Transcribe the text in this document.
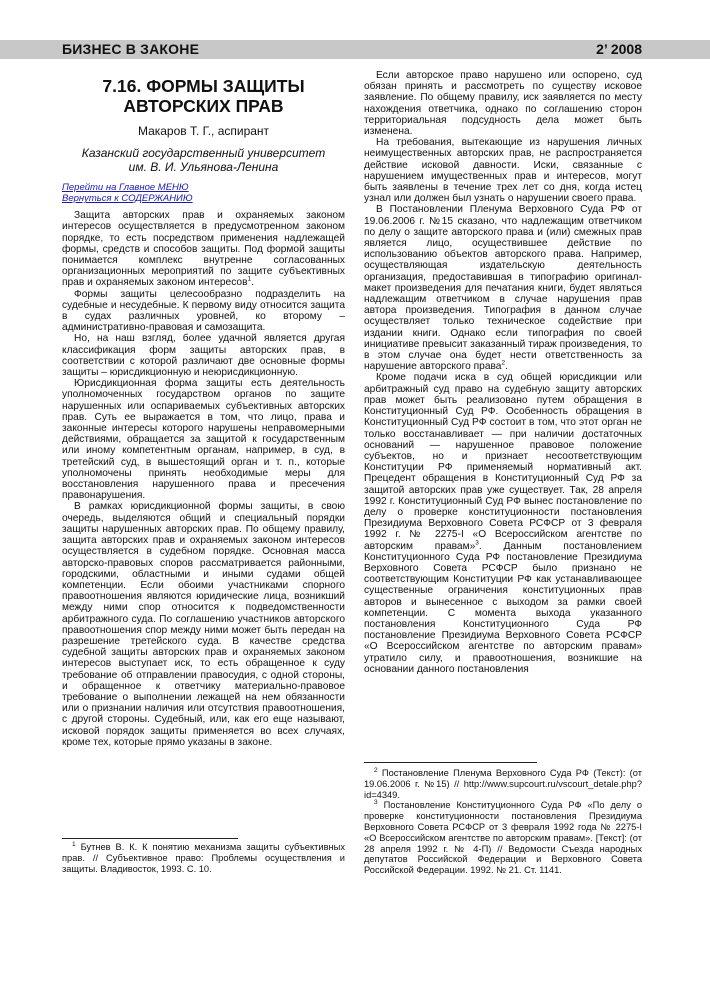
БИЗНЕС В ЗАКОНЕ	2’ 2008
7.16. ФОРМЫ ЗАЩИТЫ
АВТОРСКИХ ПРАВ
Макаров Т. Г., аспирант
Казанский государственный университет
им. В. И. Ульянова-Ленина
Перейти на Главное МЕНЮ
Вернуться к СОДЕРЖАНИЮ

Защита авторских прав и охраняемых законом интересов осуществляется в предусмотренном законом порядке, то есть посредством применения надлежащей формы, средств и способов защиты. Под формой защиты понимается комплекс внутренне согласованных организационных мероприятий по защите субъективных прав и охраняемых законом интересов$^1$.

Формы защиты целесообразно подразделить на судебные и несудебные. К первому виду относится защита в судах различных уровней, ко второму – административно-правовая и самозащита.

Но, на наш взгляд, более удачной является другая классификация форм защиты авторских прав, в соответствии с которой различают две основные формы защиты – юрисдикционную и неюрисдикционную.

Юрисдикционная форма защиты есть деятельность уполномоченных государством органов по защите нарушенных или оспариваемых субъективных авторских прав. Суть ее выражается в том, что лицо, права и законные интересы которого нарушены неправомерными действиями, обращается за защитой к государственным или иному компетентным органам, например, в суд, в третейский суд, в вышестоящий орган и т. п., которые уполномочены принять необходимые меры для восстановления нарушенного права и пресечения правонарушения.

В рамках юрисдикционной формы защиты, в свою очередь, выделяются общий и специальный порядки защиты нарушенных авторских прав. По общему правилу, защита авторских прав и охраняемых законом интересов осуществляется в судебном порядке. Основная масса авторско-правовых споров рассматривается районными, городскими, областными и иными судами общей компетенции. Если обоими участниками спорного правоотношения являются юридические лица, возникший между ними спор относится к подведомственности арбитражного суда. По соглашению участников авторского правоотношения спор между ними может быть передан на разрешение третейского суда. В качестве средства судебной защиты авторских прав и охраняемых законом интересов выступает иск, то есть обращенное к суду требование об отправлении правосудия, с одной стороны, и обращенное к ответчику материально-правовое требование о выполнении лежащей на нем обязанности или о признании наличия или отсутствия правоотношения, с другой стороны. Судебный, или, как его еще называют, исковой порядок защиты применяется во всех случаях, кроме тех, которые прямо указаны в законе.

Если авторское право нарушено или оспорено, суд обязан принять и рассмотреть по существу исковое заявление. По общему правилу, иск заявляется по месту нахождения ответчика, однако по соглашению сторон территориальная подсудность дела может быть изменена.

На требования, вытекающие из нарушения личных неимущественных авторских прав, не распространяется действие исковой давности. Иски, связанные с нарушением имущественных прав и интересов, могут быть заявлены в течение трех лет со дня, когда истец узнал или должен был узнать о нарушении своего права.

В Постановлении Пленума Верховного Суда РФ от 19.06.2006 г. №15 сказано, что надлежащим ответчиком по делу о защите авторского права и (или) смежных прав является лицо, осуществившее действие по использованию объектов авторского права. Например, осуществляющая издательскую деятельность организация, предоставившая в типографию оригинал-макет произведения для печатания книги, будет являться надлежащим ответчиком в случае нарушения прав автора произведения. Типография в данном случае осуществляет только техническое содействие при издании книги. Однако если типография по своей инициативе превысит заказанный тираж произведения, то в этом случае она будет нести ответственность за нарушение авторского права$^2$.

Кроме подачи иска в суд общей юрисдикции или арбитражный суд право на судебную защиту авторских прав может быть реализовано путем обращения в Конституционный Суд РФ. Особенность обращения в Конституционный Суд РФ состоит в том, что этот орган не только восстанавливает — при наличии достаточных оснований — нарушенное правовое положение субъектов, но и признает несоответствующим Конституции РФ применяемый нормативный акт. Прецедент обращения в Конституционный Суд РФ за защитой авторских прав уже существует. Так, 28 апреля 1992 г. Конституционный Суд РФ вынес постановление по делу о проверке конституционности постановления Президиума Верховного Совета РСФСР от 3 февраля 1992 г. № 2275-I «О Всероссийском агентстве по авторским правам»$^3$. Данным постановлением Конституционного Суда РФ постановление Президиума Верховного Совета РСФСР было признано не соответствующим Конституции РФ как устанавливающее существенные ограничения конституционных прав авторов и вынесенное с выходом за рамки своей компетенции. С момента выхода указанного постановления Конституционного Суда РФ постановление Президиума Верховного Совета РСФСР «О Всероссийском агентстве по авторским правам» утратило силу, и правоотношения, возникшие на основании данного постановления

$^1$ Бутнев В. К. К понятию механизма защиты субъективных прав. // Субъективное право: Проблемы осуществления и защиты. Владивосток, 1993. С. 10.

$^2$ Постановление Пленума Верховного Суда РФ (Текст): (от 19.06.2006 г. №15) // http://www.supcourt.ru/vscourt_detale.php?id=4349.

$^3$ Постановление Конституционного Суда РФ «По делу о проверке конституционности постановления Президиума Верховного Совета РСФСР от 3 февраля 1992 года № 2275-I «О Всероссийском агентстве по авторским правам». [Текст]: (от 28 апреля 1992 г. № 4-П) // Ведомости Съезда народных депутатов Российской Федерации и Верховного Совета Российской Федерации. 1992. № 21. Ст. 1141.
